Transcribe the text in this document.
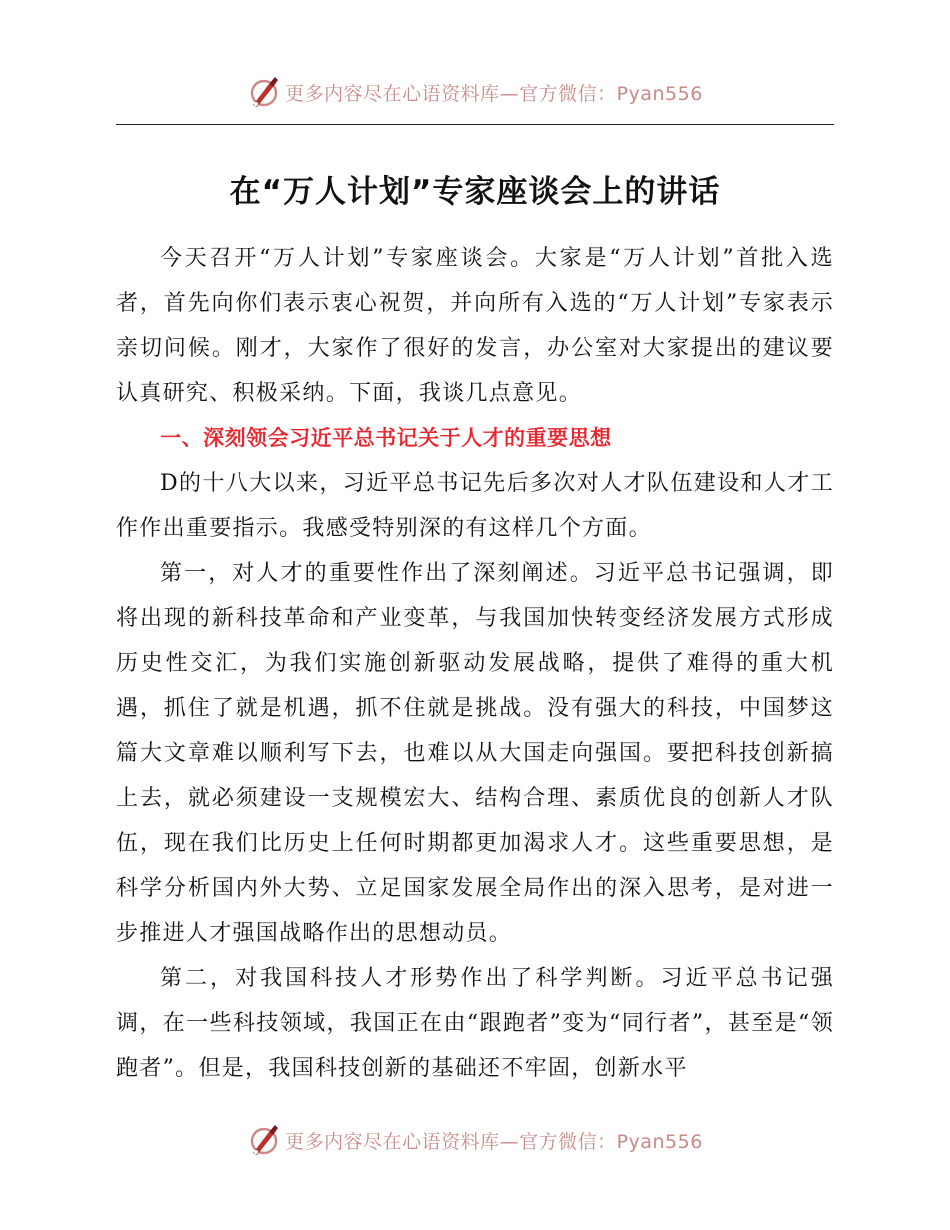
更多内容尽在心语资料库—官方微信：Pyan556
在“万人计划”专家座谈会上的讲话

今天召开“万人计划”专家座谈会。大家是“万人计划”首批入选者，首先向你们表示衷心祝贺，并向所有入选的“万人计划”专家表示亲切问候。刚才，大家作了很好的发言，办公室对大家提出的建议要认真研究、积极采纳。下面，我谈几点意见。

一、深刻领会习近平总书记关于人才的重要思想

D的十八大以来，习近平总书记先后多次对人才队伍建设和人才工作作出重要指示。我感受特别深的有这样几个方面。

第一，对人才的重要性作出了深刻阐述。习近平总书记强调，即将出现的新科技革命和产业变革，与我国加快转变经济发展方式形成历史性交汇，为我们实施创新驱动发展战略，提供了难得的重大机遇，抓住了就是机遇，抓不住就是挑战。没有强大的科技，中国梦这篇大文章难以顺利写下去，也难以从大国走向强国。要把科技创新搞上去，就必须建设一支规模宏大、结构合理、素质优良的创新人才队伍，现在我们比历史上任何时期都更加渴求人才。这些重要思想，是科学分析国内外大势、立足国家发展全局作出的深入思考，是对进一步推进人才强国战略作出的思想动员。

第二，对我国科技人才形势作出了科学判断。习近平总书记强调，在一些科技领域，我国正在由“跟跑者”变为“同行者”，甚至是“领跑者”。但是，我国科技创新的基础还不牢固，创新水平

更多内容尽在心语资料库—官方微信：Pyan556
